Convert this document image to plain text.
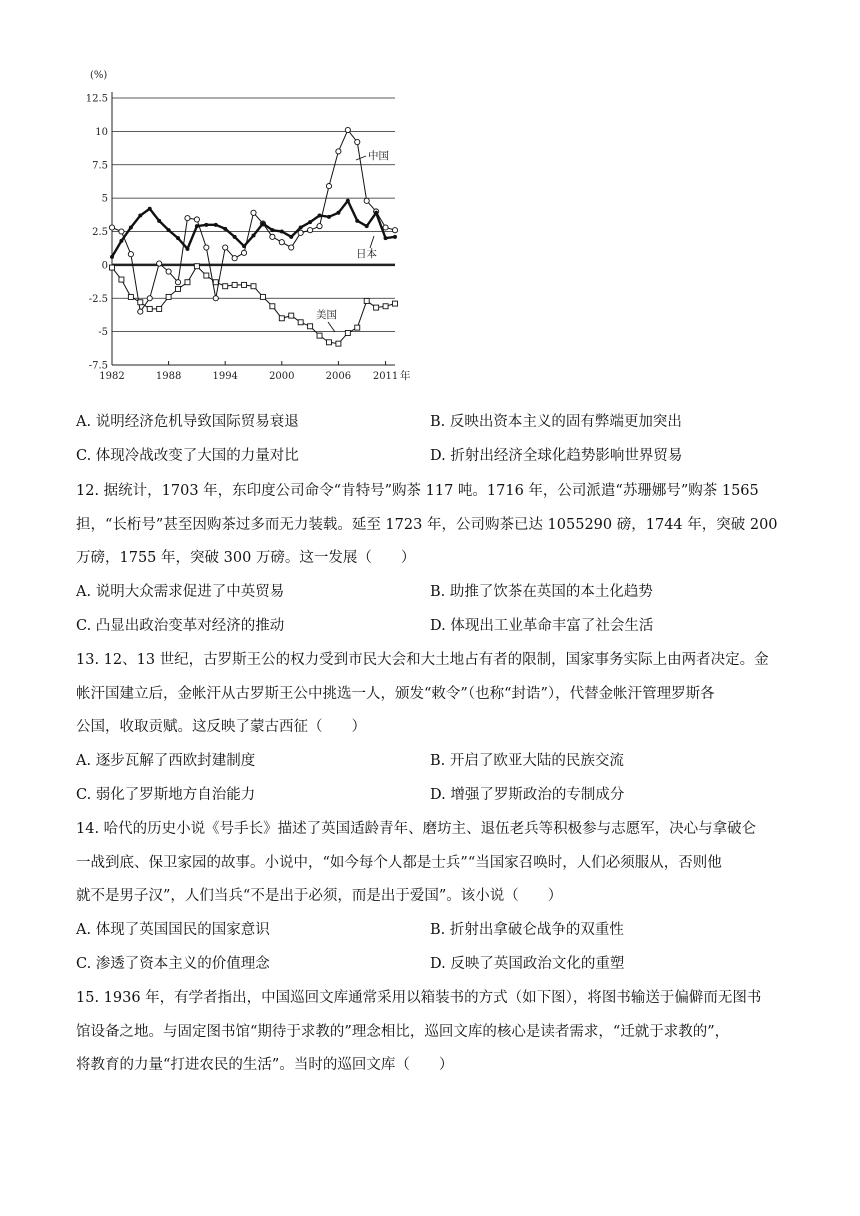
12.5
10
7.5
5
2.5
0
-2.5
-5
-7.5
1982	1988	1994	2000	2006 2011
(%)
年
中国
日本
美国
A. 说明经济危机导致国际贸易衰退	B. 反映出资本主义的固有弊端更加突出
C. 体现冷战改变了大国的力量对比	D. 折射出经济全球化趋势影响世界贸易
12. 据统计，1703 年，东印度公司命令“肯特号”购茶 117 吨。1716 年，公司派遣“苏珊娜号”购茶 1565
担，“长桁号”甚至因购茶过多而无力装载。延至 1723 年，公司购茶已达 1055290 磅，1744 年，突破 200
万磅，1755 年，突破 300 万磅。这一发展（　　）
A. 说明大众需求促进了中英贸易	B. 助推了饮茶在英国的本土化趋势
C. 凸显出政治变革对经济的推动	D. 体现出工业革命丰富了社会生活
13. 12、13 世纪，古罗斯王公的权力受到市民大会和大土地占有者的限制，国家事务实际上由两者决定。金
帐汗国建立后，金帐汗从古罗斯王公中挑选一人，颁发“敕令”（也称“封诰”），代替金帐汗管理罗斯各
公国，收取贡赋。这反映了蒙古西征（　　）
A. 逐步瓦解了西欧封建制度	B. 开启了欧亚大陆的民族交流
C. 弱化了罗斯地方自治能力	D. 增强了罗斯政治的专制成分
14. 哈代的历史小说《号手长》描述了英国适龄青年、磨坊主、退伍老兵等积极参与志愿军，决心与拿破仑
一战到底、保卫家园的故事。小说中，“如今每个人都是士兵”“当国家召唤时，人们必须服从，否则他
就不是男子汉”，人们当兵“不是出于必须，而是出于爱国”。该小说（　　）
A. 体现了英国国民的国家意识	B. 折射出拿破仑战争的双重性
C. 渗透了资本主义的价值理念	D. 反映了英国政治文化的重塑
15. 1936 年，有学者指出，中国巡回文库通常采用以箱装书的方式（如下图），将图书输送于偏僻而无图书
馆设备之地。与固定图书馆“期待于求教的”理念相比，巡回文库的核心是读者需求，“迁就于求教的”，
将教育的力量“打进农民的生活”。当时的巡回文库（　　）
